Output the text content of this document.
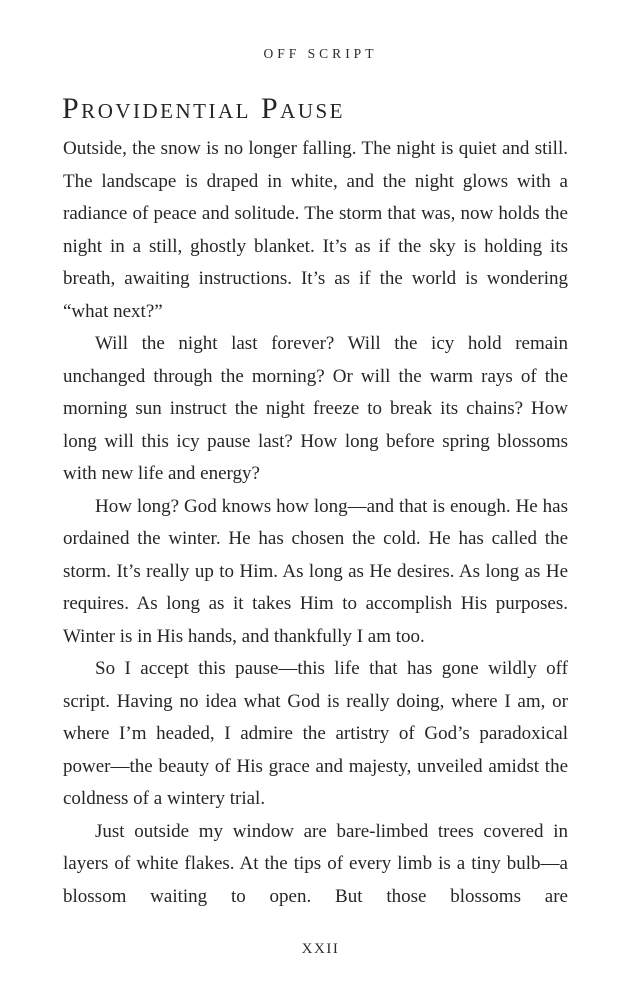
OFF SCRIPT
Providential Pause

Outside, the snow is no longer falling. The night is quiet and still. The landscape is draped in white, and the night glows with a radiance of peace and solitude. The storm that was, now holds the night in a still, ghostly blanket. It’s as if the sky is holding its breath, awaiting instructions. It’s as if the world is wondering “what next?”

Will the night last forever? Will the icy hold remain unchanged through the morning? Or will the warm rays of the morning sun instruct the night freeze to break its chains? How long will this icy pause last? How long before spring blossoms with new life and energy?

How long? God knows how long—and that is enough. He has ordained the winter. He has chosen the cold. He has called the storm. It’s really up to Him. As long as He desires. As long as He requires. As long as it takes Him to accomplish His purposes. Winter is in His hands, and thankfully I am too.

So I accept this pause—this life that has gone wildly off script. Having no idea what God is really doing, where I am, or where I’m headed, I admire the artistry of God’s paradoxical power—the beauty of His grace and majesty, unveiled amidst the coldness of a wintery trial.

Just outside my window are bare-limbed trees covered in layers of white flakes. At the tips of every limb is a tiny bulb—a blossom waiting to open. But those blossoms are

XXII
